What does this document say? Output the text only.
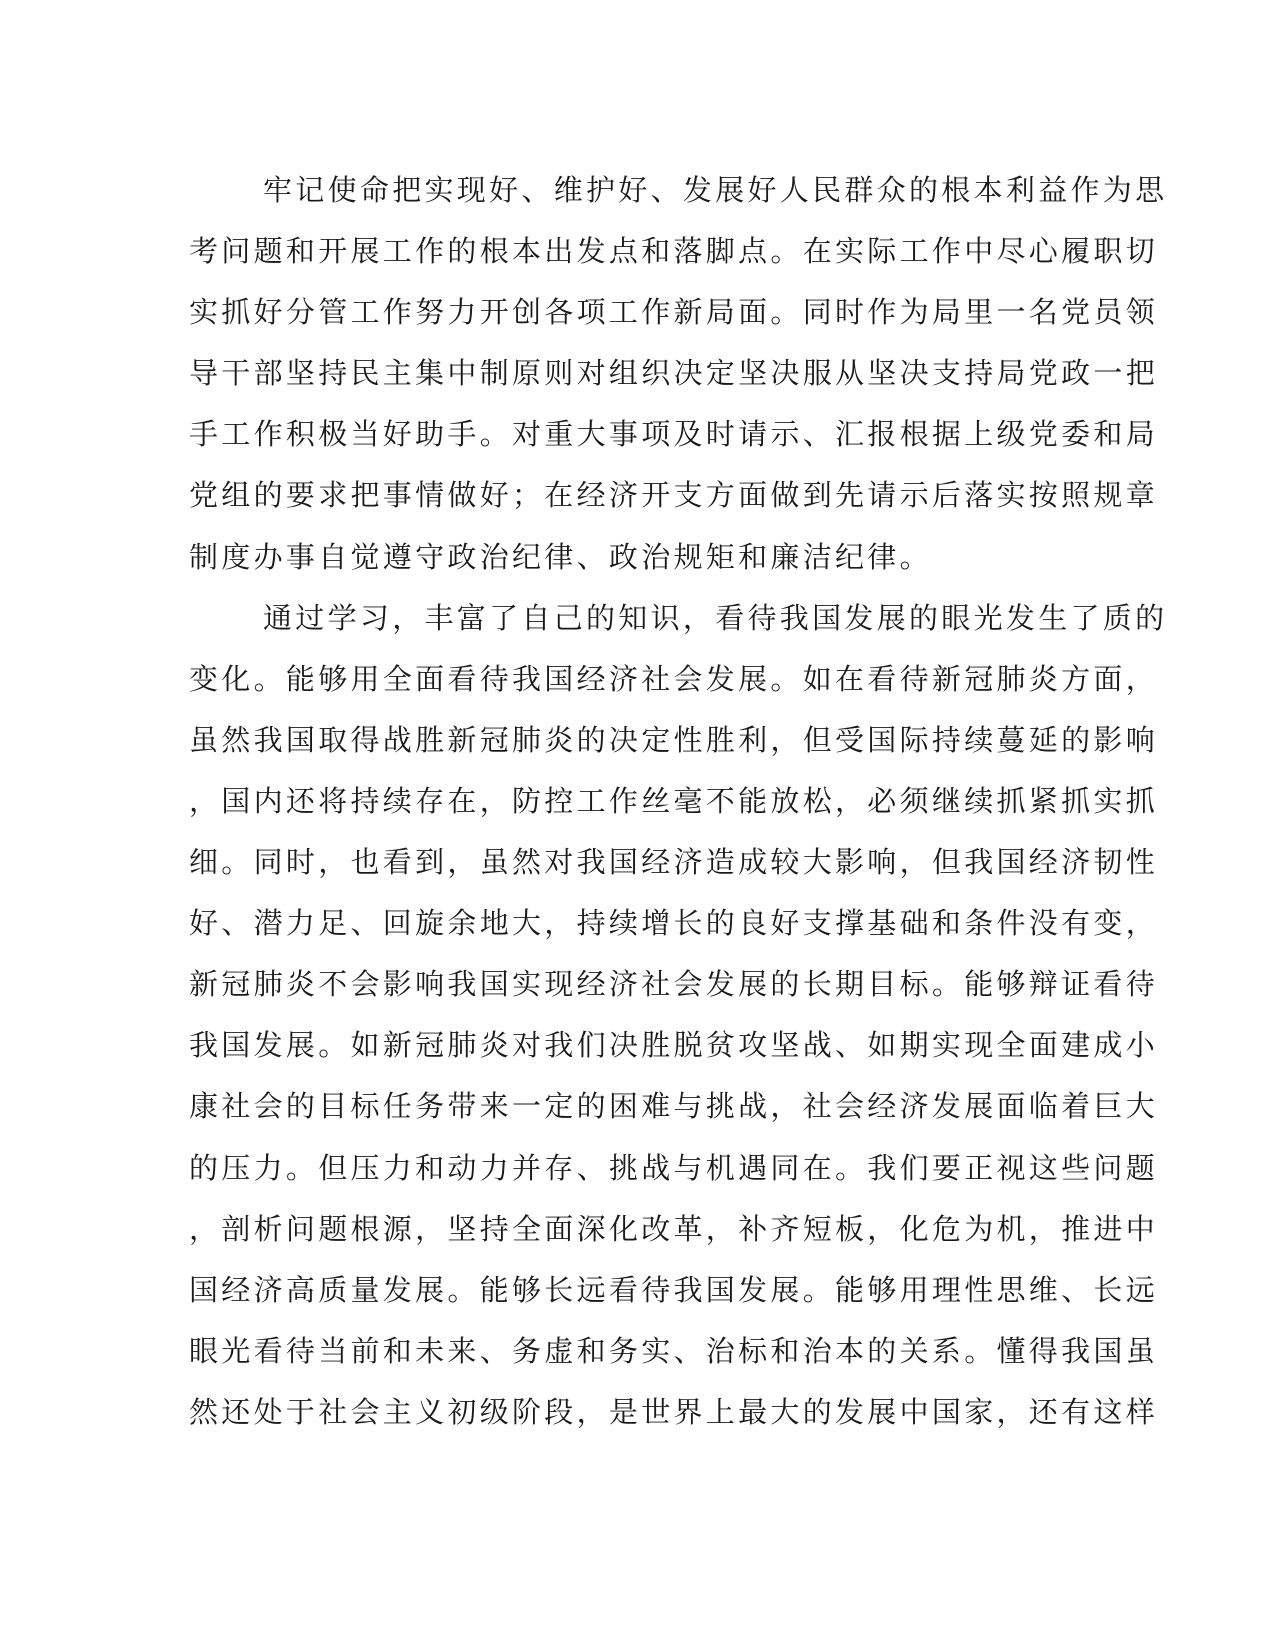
牢记使命把实现好、维护好、发展好人民群众的根本利益作为思
考问题和开展工作的根本出发点和落脚点。在实际工作中尽心履职切
实抓好分管工作努力开创各项工作新局面。同时作为局里一名党员领
导干部坚持民主集中制原则对组织决定坚决服从坚决支持局党政一把
手工作积极当好助手。对重大事项及时请示、汇报根据上级党委和局
党组的要求把事情做好；在经济开支方面做到先请示后落实按照规章
制度办事自觉遵守政治纪律、政治规矩和廉洁纪律。
通过学习，丰富了自己的知识，看待我国发展的眼光发生了质的
变化。能够用全面看待我国经济社会发展。如在看待新冠肺炎方面，
虽然我国取得战胜新冠肺炎的决定性胜利，但受国际持续蔓延的影响
，国内还将持续存在，防控工作丝毫不能放松，必须继续抓紧抓实抓
细。同时，也看到，虽然对我国经济造成较大影响，但我国经济韧性
好、潜力足、回旋余地大，持续增长的良好支撑基础和条件没有变，
新冠肺炎不会影响我国实现经济社会发展的长期目标。能够辩证看待
我国发展。如新冠肺炎对我们决胜脱贫攻坚战、如期实现全面建成小
康社会的目标任务带来一定的困难与挑战，社会经济发展面临着巨大
的压力。但压力和动力并存、挑战与机遇同在。我们要正视这些问题
，剖析问题根源，坚持全面深化改革，补齐短板，化危为机，推进中
国经济高质量发展。能够长远看待我国发展。能够用理性思维、长远
眼光看待当前和未来、务虚和务实、治标和治本的关系。懂得我国虽
然还处于社会主义初级阶段，是世界上最大的发展中国家，还有这样
